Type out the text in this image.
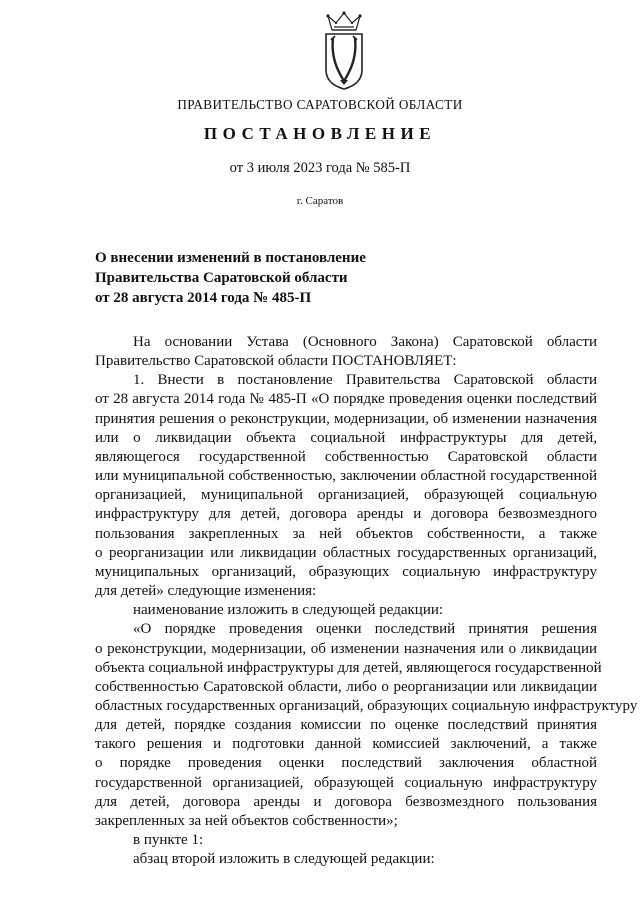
ПРАВИТЕЛЬСТВО САРАТОВСКОЙ ОБЛАСТИ
ПОСТАНОВЛЕНИЕ
от 3 июля 2023 года № 585-П
г. Саратов
О внесении изменений в постановление
Правительства Саратовской области
от 28 августа 2014 года № 485-П
На основании Устава (Основного Закона) Саратовской области
Правительство Саратовской области ПОСТАНОВЛЯЕТ:
1. Внести в постановление Правительства Саратовской области
от 28 августа 2014 года № 485-П «О порядке проведения оценки последствий
принятия решения о реконструкции, модернизации, об изменении назначения
или о ликвидации объекта социальной инфраструктуры для детей,
являющегося государственной собственностью Саратовской области
или муниципальной собственностью, заключении областной государственной
организацией, муниципальной организацией, образующей социальную
инфраструктуру для детей, договора аренды и договора безвозмездного
пользования закрепленных за ней объектов собственности, а также
о реорганизации или ликвидации областных государственных организаций,
муниципальных организаций, образующих социальную инфраструктуру
для детей» следующие изменения:
наименование изложить в следующей редакции:
«О порядке проведения оценки последствий принятия решения
о реконструкции, модернизации, об изменении назначения или о ликвидации
объекта социальной инфраструктуры для детей, являющегося государственной
собственностью Саратовской области, либо о реорганизации или ликвидации
областных государственных организаций, образующих социальную инфраструктуру
для детей, порядке создания комиссии по оценке последствий принятия
такого решения и подготовки данной комиссией заключений, а также
о порядке проведения оценки последствий заключения областной
государственной организацией, образующей социальную инфраструктуру
для детей, договора аренды и договора безвозмездного пользования
закрепленных за ней объектов собственности»;
в пункте 1:
абзац второй изложить в следующей редакции:
